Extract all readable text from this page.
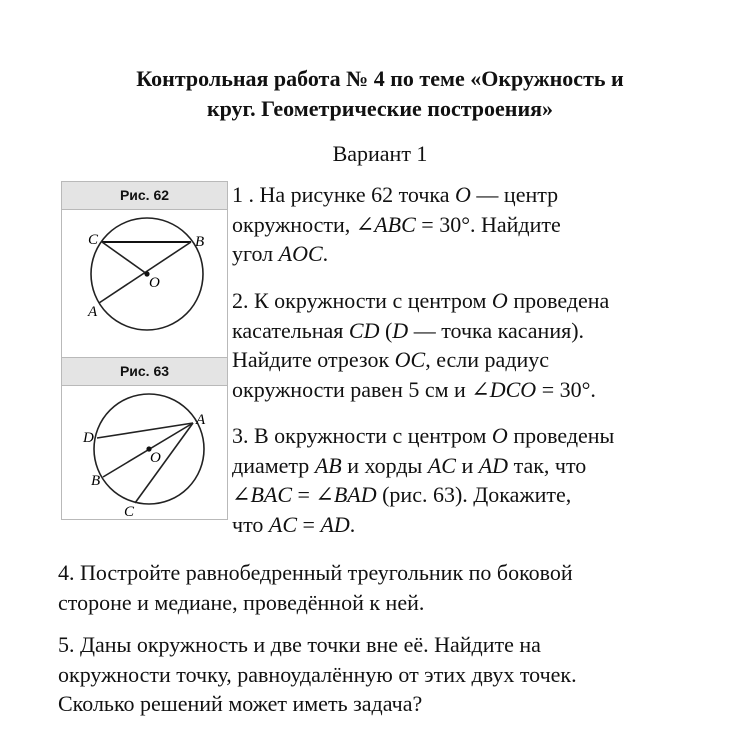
Контрольная работа № 4 по теме «Окружность и
круг. Геометрические построения»
Вариант 1
Рис. 62
C	B
O
A
Рис. 63
A
D
O
B
C

1 . На рисунке 62 точка O — центр
окружности, ∠ABC = 30°. Найдите
угол AOC.

2. К окружности с центром O проведена
касательная CD (D — точка касания).
Найдите отрезок OC, если радиус
окружности равен 5 см и ∠DCO = 30°.

3. В окружности с центром O проведены
диаметр AB и хорды AC и AD так, что
∠BAC = ∠BAD (рис. 63). Докажите,
что AC = AD.

4. Постройте равнобедренный треугольник по боковой
стороне и медиане, проведённой к ней.

5. Даны окружность и две точки вне её. Найдите на
окружности точку, равноудалённую от этих двух точек.
Сколько решений может иметь задача?
